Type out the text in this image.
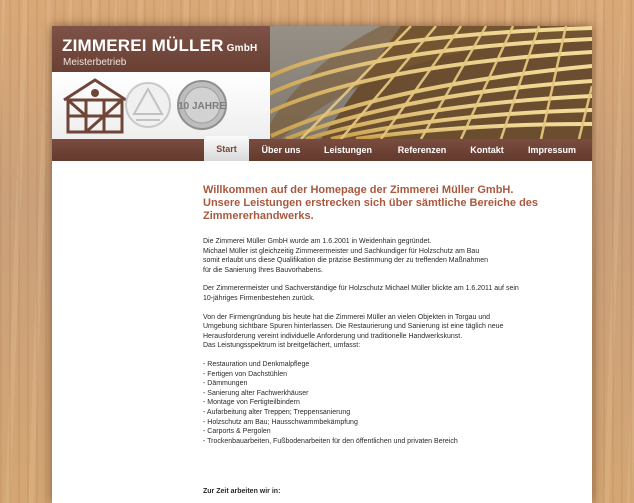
ZIMMEREI MÜLLER GmbH
Meisterbetrieb
10 JAHRE
Start	Über uns	Leistungen	Referenzen	Kontakt	Impressum
Willkommen auf der Homepage der Zimmerei Müller GmbH.
Unsere Leistungen erstrecken sich über sämtliche Bereiche des
Zimmererhandwerks.
Die Zimmerei Müller GmbH wurde am 1.6.2001 in Weidenhain gegründet.
Michael Müller ist gleichzeitig Zimmerermeister und Sachkundiger für Holzschutz am Bau
somit erlaubt uns diese Qualifikation die präzise Bestimmung der zu treffenden Maßnahmen
für die Sanierung Ihres Bauvorhabens.
Der Zimmerermeister und Sachverständige für Holzschutz Michael Müller blickte am 1.6.2011 auf sein
10-jähriges Firmenbestehen zurück.
Von der Firmengründung bis heute hat die Zimmerei Müller an vielen Objekten in Torgau und
Umgebung sichtbare Spuren hinterlassen. Die Restaurierung und Sanierung ist eine täglich neue
Herausforderung vereint individuelle Anforderung und traditionelle Handwerkskunst.
Das Leistungsspektrum ist breitgefächert, umfasst:
- Restauration und Denkmalpflege
- Fertigen von Dachstühlen
- Dämmungen
- Sanierung alter Fachwerkhäuser
- Montage von Fertigteilbindern
- Aufarbeitung alter Treppen; Treppensanierung
- Holzschutz am Bau; Hausschwammbekämpfung
- Carports & Pergolen
- Trockenbauarbeiten, Fußbodenarbeiten für den öffentlichen und privaten Bereich
Zur Zeit arbeiten wir in:
